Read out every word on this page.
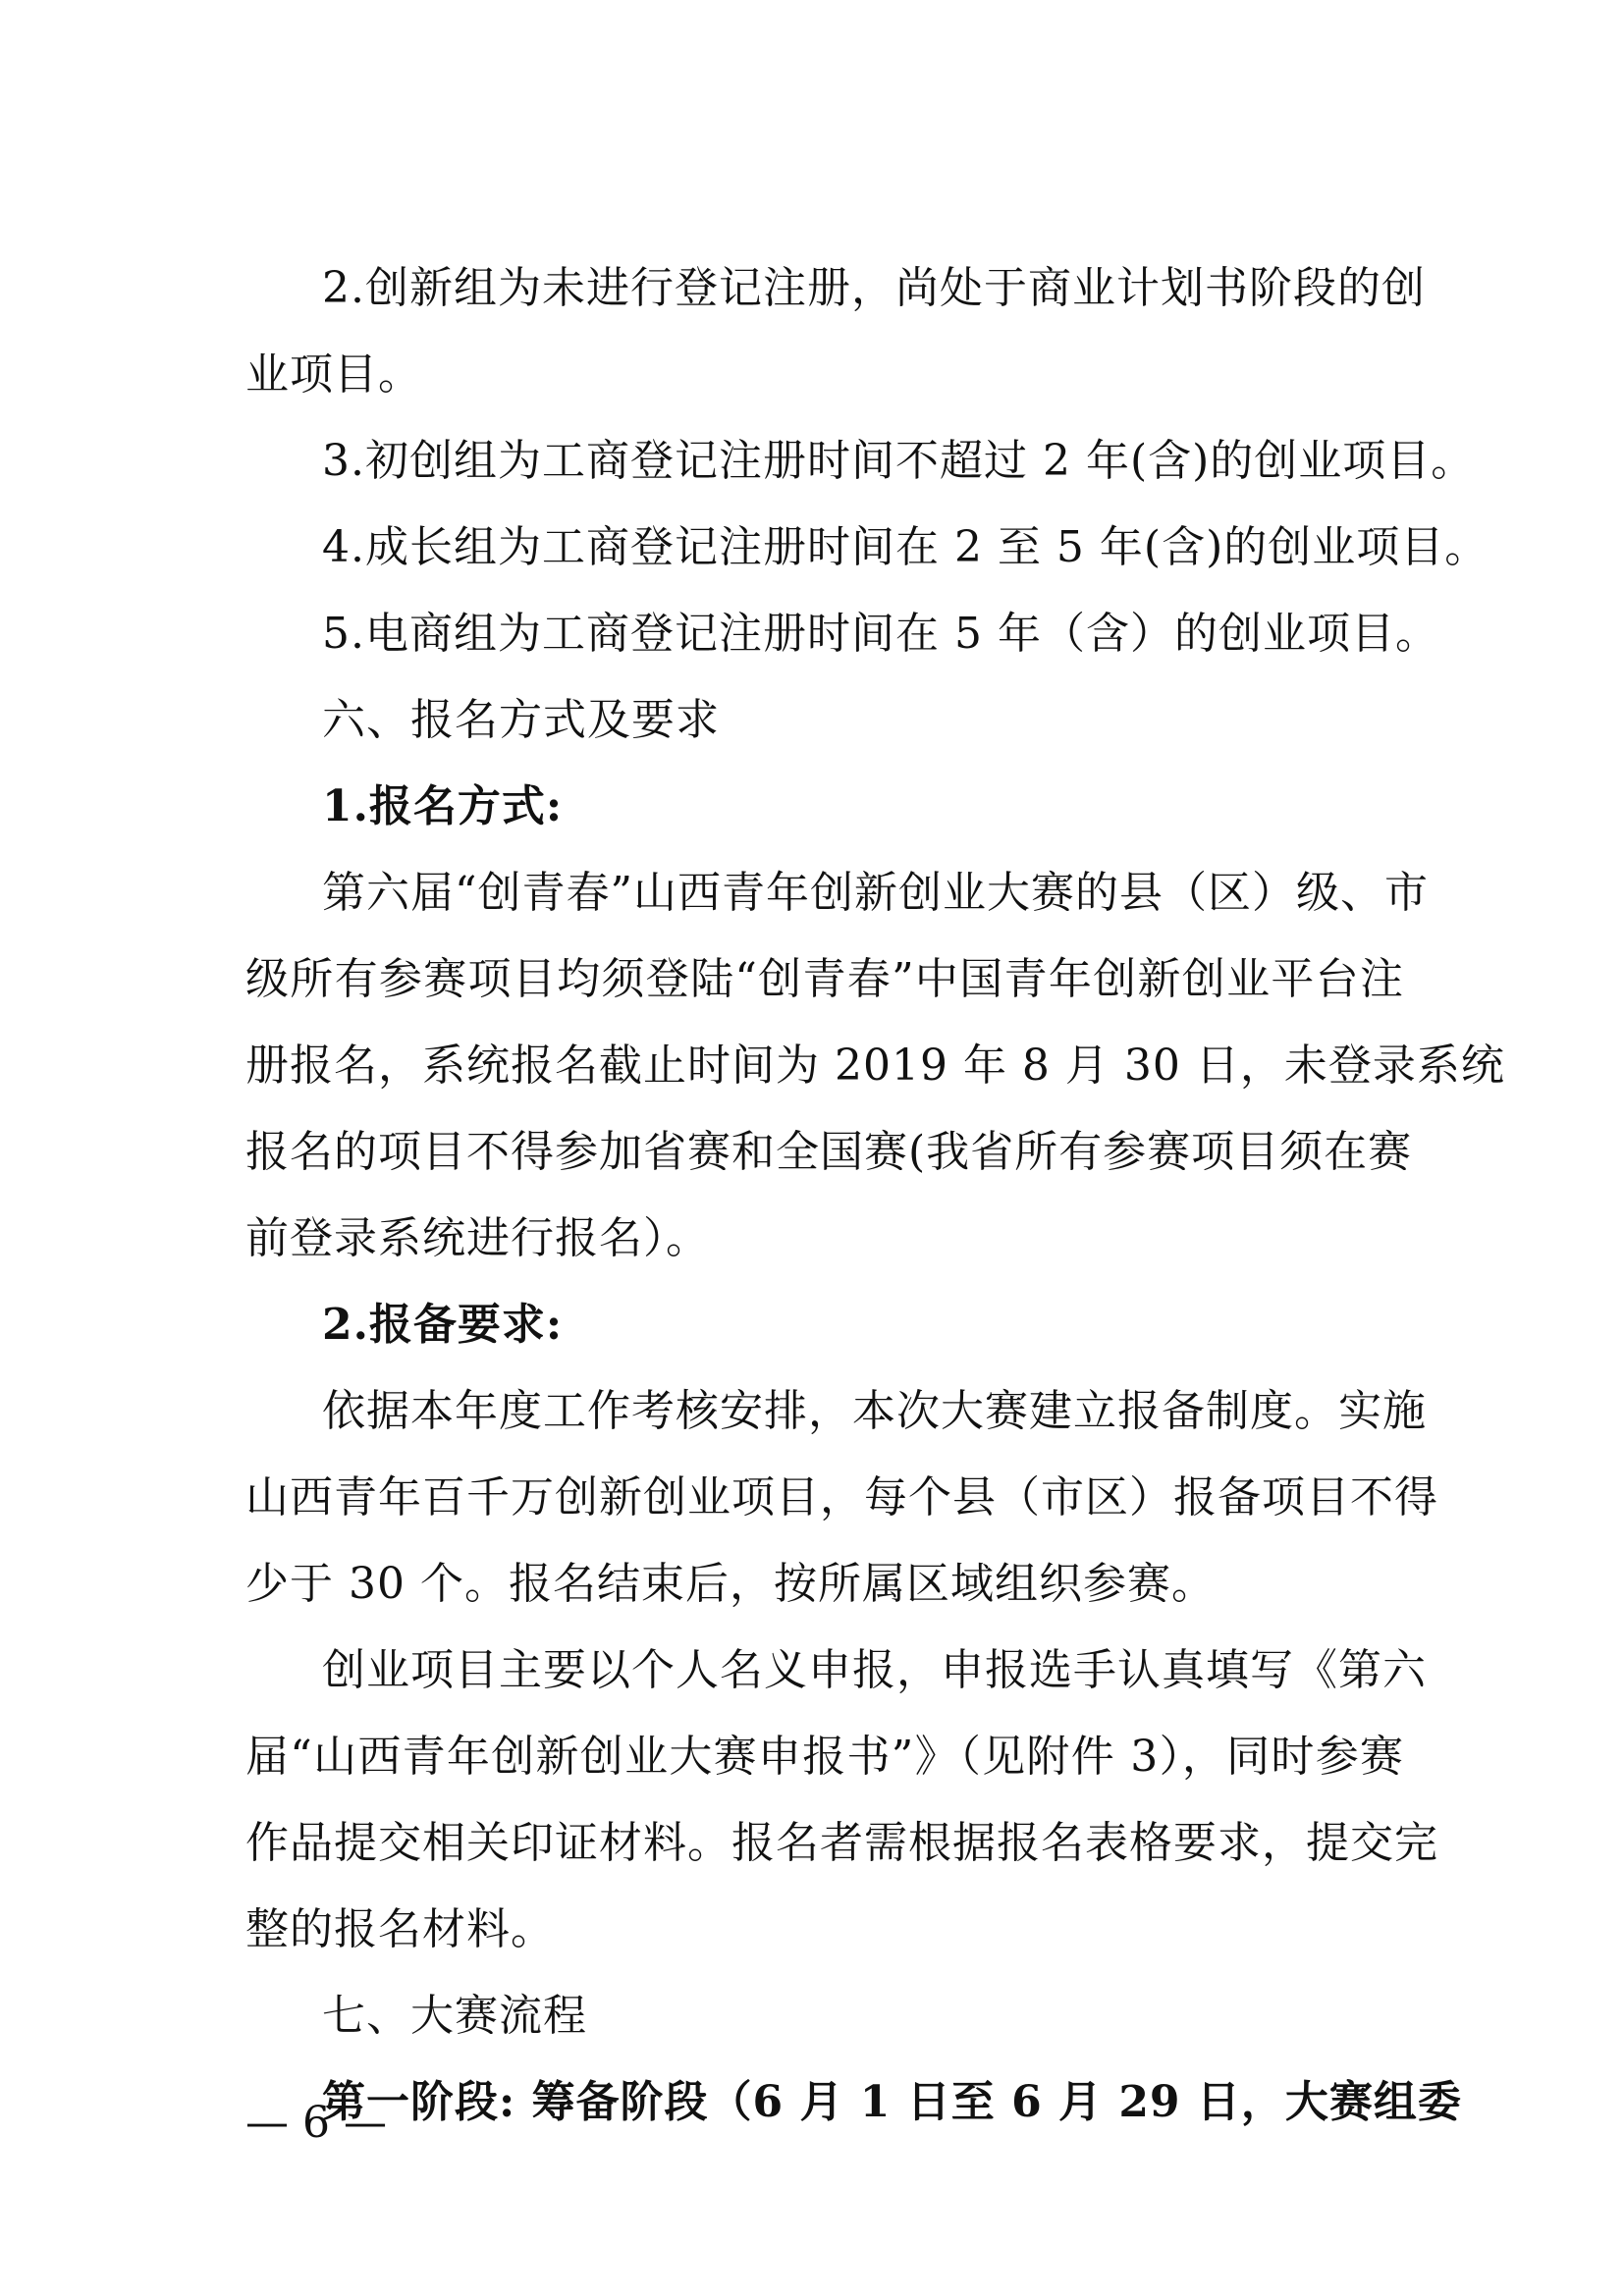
2.创新组为未进行登记注册，尚处于商业计划书阶段的创
业项目。
3.初创组为工商登记注册时间不超过 2 年(含)的创业项目。
4.成长组为工商登记注册时间在 2 至 5 年(含)的创业项目。
5.电商组为工商登记注册时间在 5 年（含）的创业项目。
六、报名方式及要求
1.报名方式:
第六届“创青春”山西青年创新创业大赛的县（区）级、市
级所有参赛项目均须登陆“创青春”中国青年创新创业平台注
册报名，系统报名截止时间为 2019 年 8 月 30 日，未登录系统
报名的项目不得参加省赛和全国赛(我省所有参赛项目须在赛
前登录系统进行报名）。
2.报备要求:
依据本年度工作考核安排，本次大赛建立报备制度。实施
山西青年百千万创新创业项目，每个县（市区）报备项目不得
少于 30 个。报名结束后，按所属区域组织参赛。
创业项目主要以个人名义申报，申报选手认真填写《第六
届“山西青年创新创业大赛申报书”》（见附件 3），同时参赛
作品提交相关印证材料。报名者需根据报名表格要求，提交完
整的报名材料。
七、大赛流程
第一阶段: 筹备阶段（6 月 1 日至 6 月 29 日，大赛组委
— 6 —
